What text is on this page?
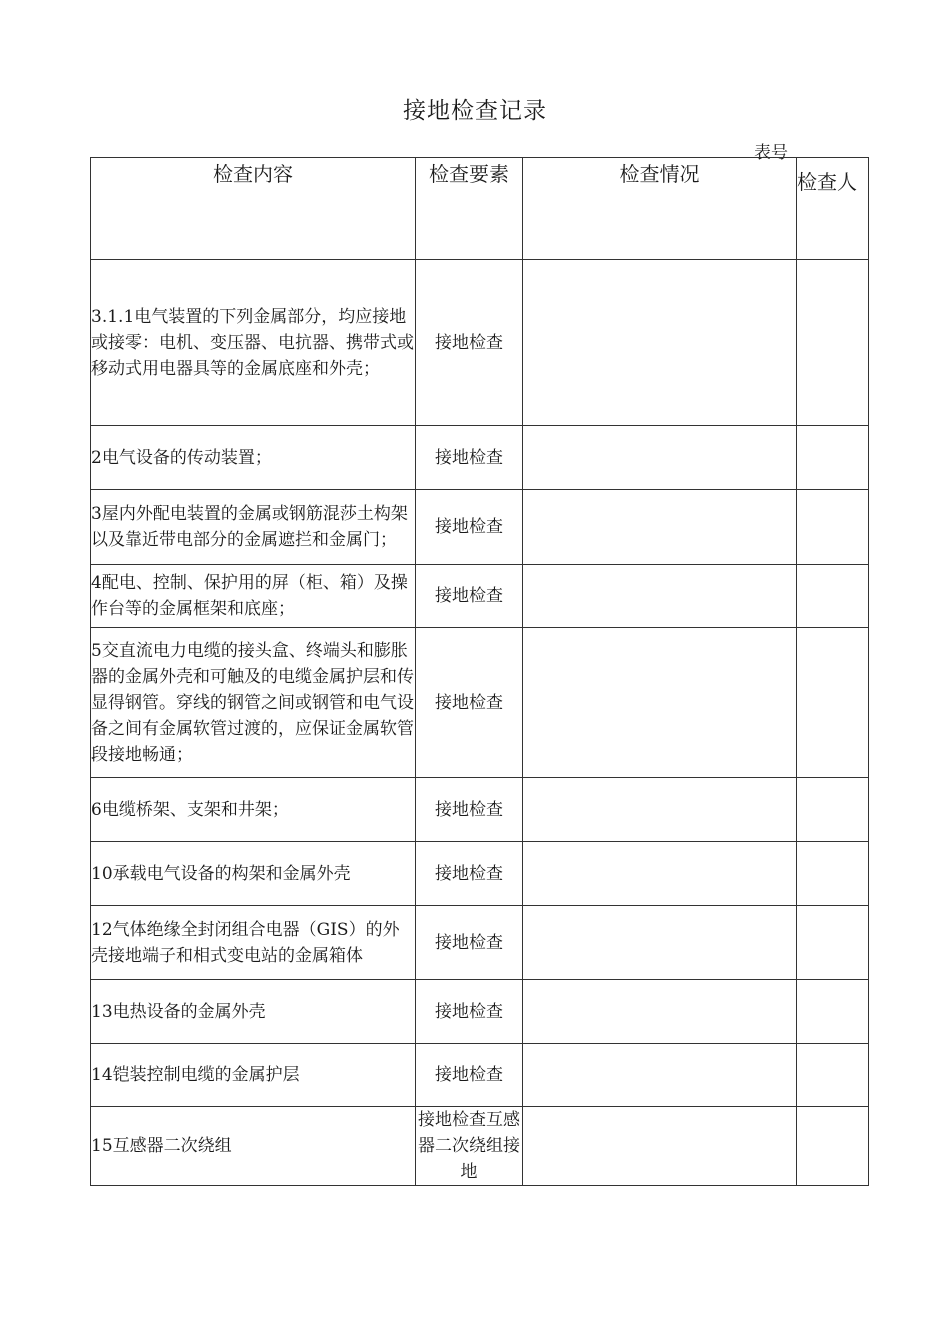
接地检查记录
表号
检查内容	检查要素	检查情况	检查人
3.1.1电气装置的下列金属部分，均应接地或接零：电机、变压器、电抗器、携带式或移动式用电器具等的金属底座和外壳；	接地检查		
2电气设备的传动装置；	接地检查		
3屋内外配电装置的金属或钢筋混莎土构架以及靠近带电部分的金属遮拦和金属门；	接地检查		
4配电、控制、保护用的屏（柜、箱）及操作台等的金属框架和底座；	接地检查		
5交直流电力电缆的接头盒、终端头和膨胀器的金属外壳和可触及的电缆金属护层和传显得钢管。穿线的钢管之间或钢管和电气设备之间有金属软管过渡的，应保证金属软管段接地畅通；	接地检查		
6电缆桥架、支架和井架；	接地检查		
10承载电气设备的构架和金属外壳	接地检查		
12气体绝缘全封闭组合电器（GIS）的外壳接地端子和相式变电站的金属箱体	接地检查		
13电热设备的金属外壳	接地检查		
14铠装控制电缆的金属护层	接地检查		
15互感器二次绕组	接地检查互感器二次绕组接地		
